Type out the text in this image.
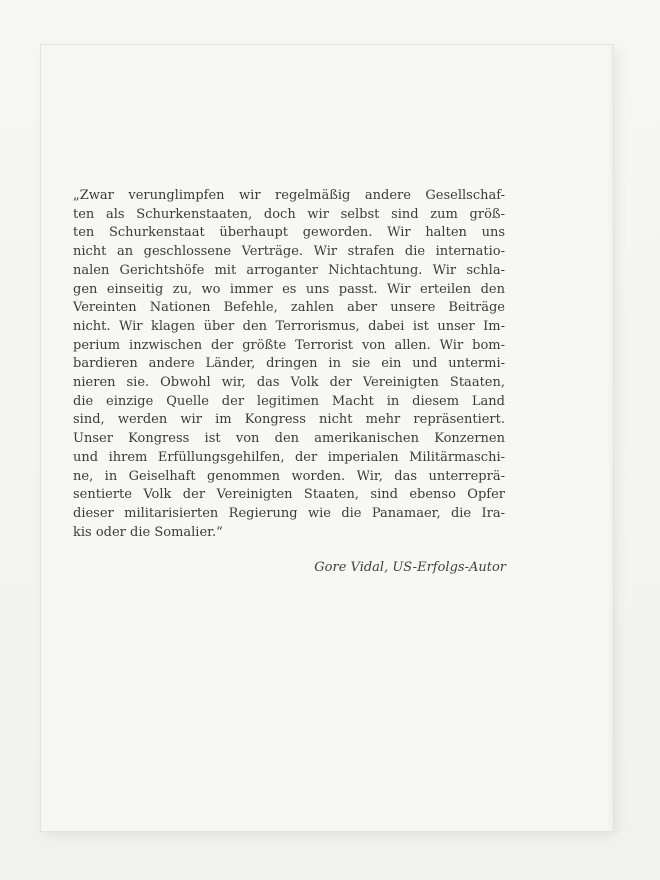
„Zwar verunglimpfen wir regelmäßig andere Gesellschaf-
ten als Schurkenstaaten, doch wir selbst sind zum größ-
ten Schurkenstaat überhaupt geworden. Wir halten uns
nicht an geschlossene Verträge. Wir strafen die internatio-
nalen Gerichtshöfe mit arroganter Nichtachtung. Wir schla-
gen einseitig zu, wo immer es uns passt. Wir erteilen den
Vereinten Nationen Befehle, zahlen aber unsere Beiträge
nicht. Wir klagen über den Terrorismus, dabei ist unser Im-
perium inzwischen der größte Terrorist von allen. Wir bom-
bardieren andere Länder, dringen in sie ein und untermi-
nieren sie. Obwohl wir, das Volk der Vereinigten Staaten,
die einzige Quelle der legitimen Macht in diesem Land
sind, werden wir im Kongress nicht mehr repräsentiert.
Unser Kongress ist von den amerikanischen Konzernen
und ihrem Erfüllungsgehilfen, der imperialen Militärmaschi-
ne, in Geiselhaft genommen worden. Wir, das unterreprä-
sentierte Volk der Vereinigten Staaten, sind ebenso Opfer
dieser militarisierten Regierung wie die Panamaer, die Ira-
kis oder die Somalier.“

Gore Vidal, US-Erfolgs-Autor
